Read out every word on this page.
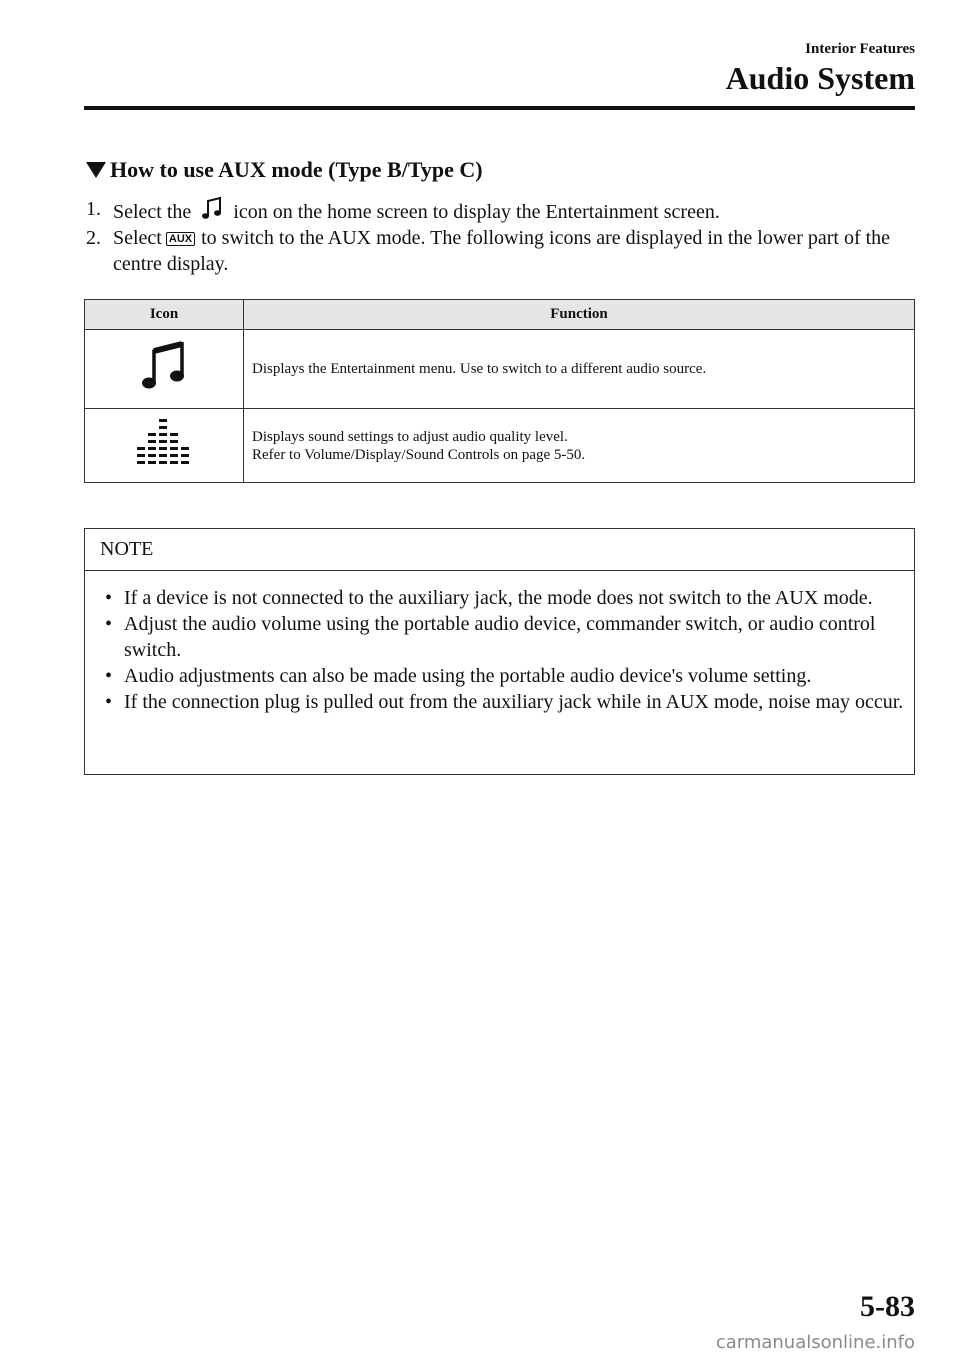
Interior Features
Audio System
How to use AUX mode (Type B/Type C)
1. Select the icon on the home screen to display the Entertainment screen.
2. Select AUX to switch to the AUX mode. The following icons are displayed in the lower part of the centre display.
Icon	Function

Displays the Entertainment menu. Use to switch to a different audio source.

Displays sound settings to adjust audio quality level.
Refer to Volume/Display/Sound Controls on page 5-50.
NOTE
• If a device is not connected to the auxiliary jack, the mode does not switch to the AUX mode.
• Adjust the audio volume using the portable audio device, commander switch, or audio control switch.
• Audio adjustments can also be made using the portable audio device's volume setting.
• If the connection plug is pulled out from the auxiliary jack while in AUX mode, noise may occur.
5-83
carmanualsonline.info
